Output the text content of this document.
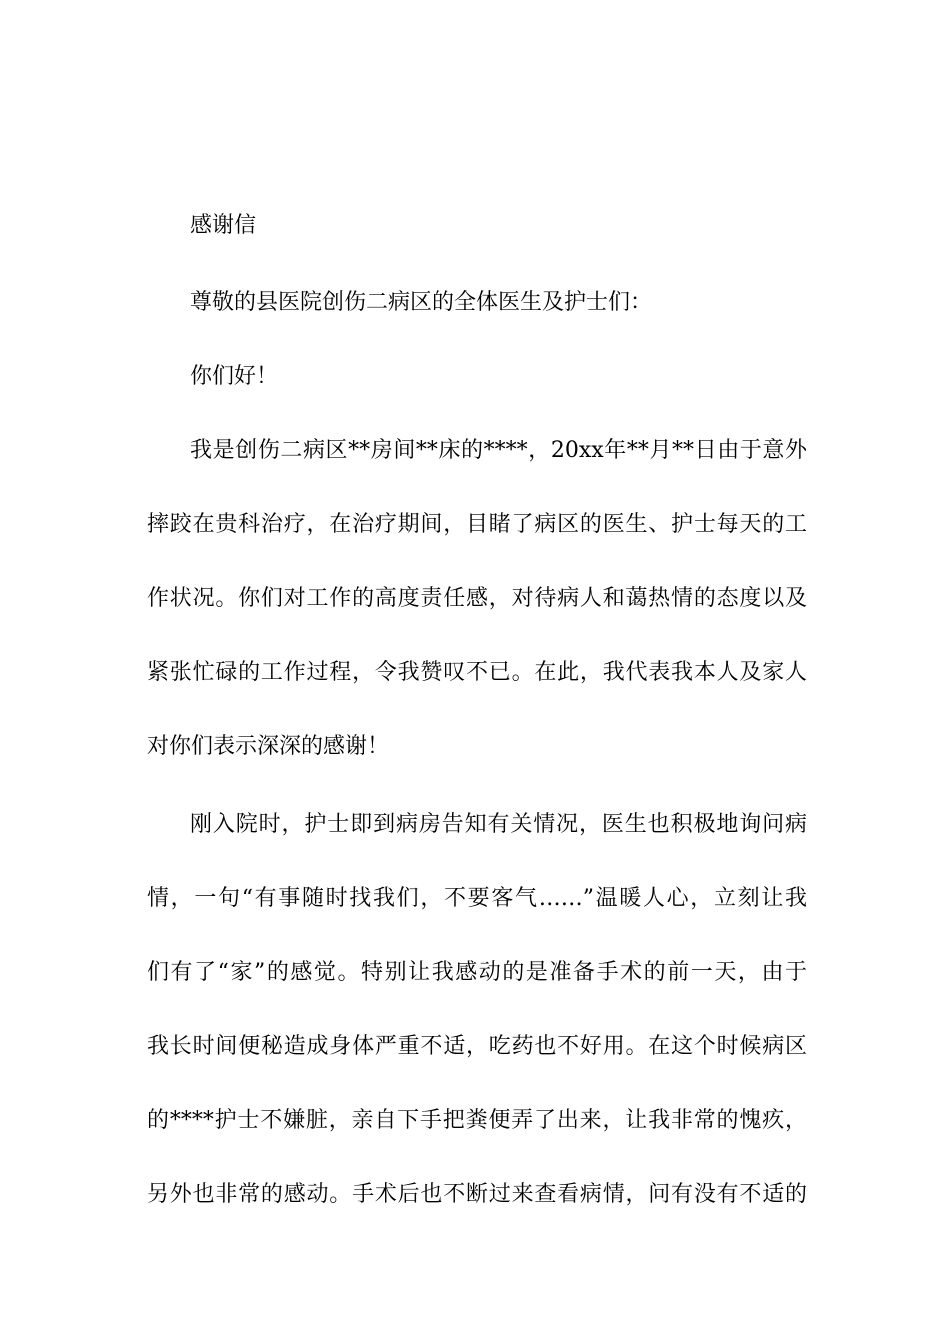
感谢信
尊敬的县医院创伤二病区的全体医生及护士们：
你们好！
我是创伤二病区**房间**床的****，20xx年**月**日由于意外
摔跤在贵科治疗，在治疗期间，目睹了病区的医生、护士每天的工
作状况。你们对工作的高度责任感，对待病人和蔼热情的态度以及
紧张忙碌的工作过程，令我赞叹不已。在此，我代表我本人及家人
对你们表示深深的感谢！
刚入院时，护士即到病房告知有关情况，医生也积极地询问病
情，一句“有事随时找我们，不要客气……”温暖人心，立刻让我
们有了“家”的感觉。特别让我感动的是准备手术的前一天，由于
我长时间便秘造成身体严重不适，吃药也不好用。在这个时候病区
的****护士不嫌脏，亲自下手把粪便弄了出来，让我非常的愧疚，
另外也非常的感动。手术后也不断过来查看病情，问有没有不适的
